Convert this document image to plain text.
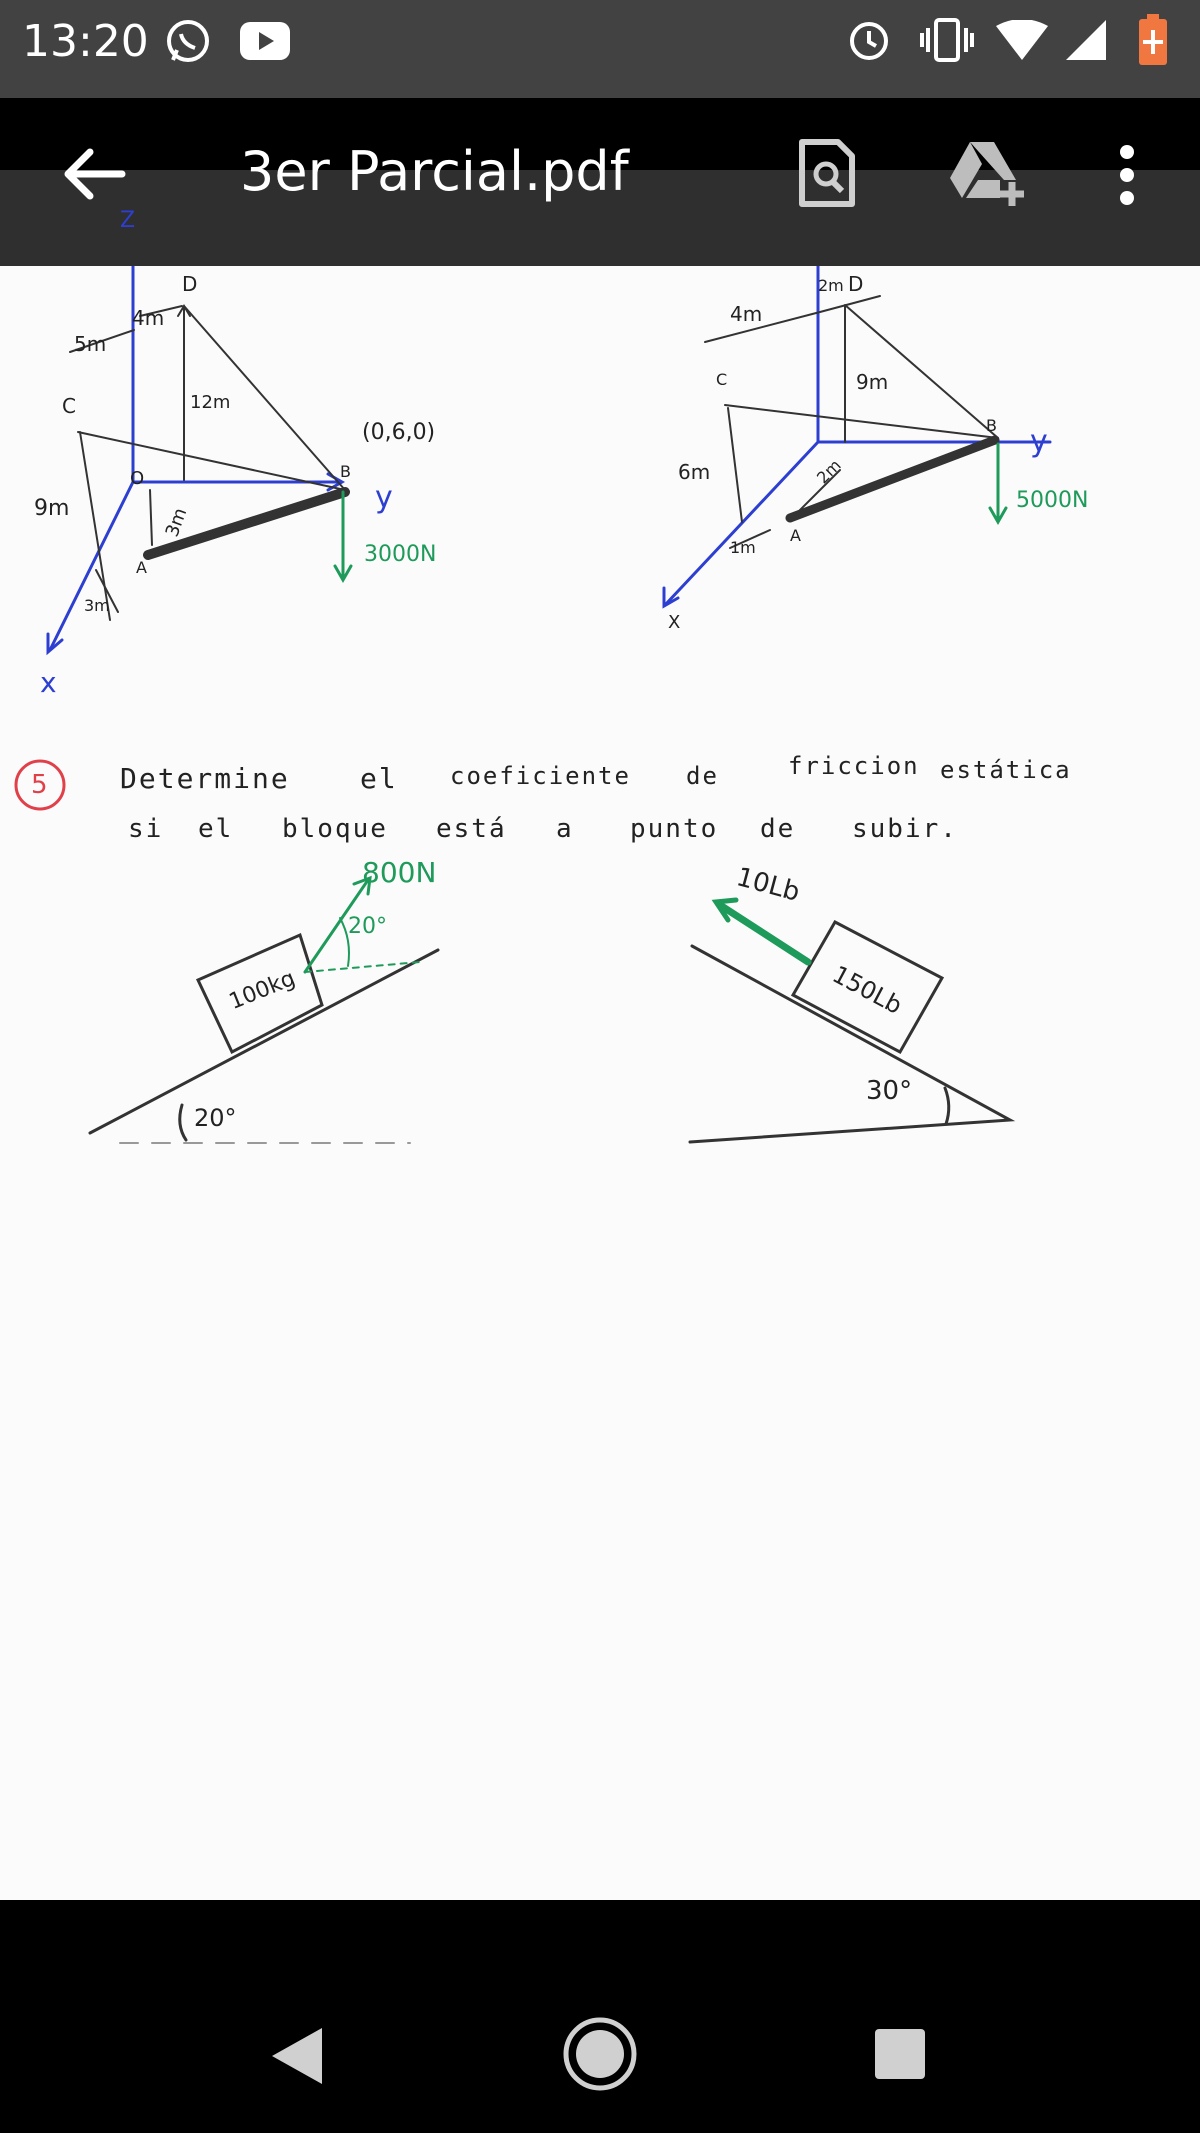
13:20
3er Parcial.pdf
Z
D
4m
5m
12m
C
O
9m	3m
A
3m
x
B
(0,6,0)
y
3000N
2m D
4m
C	9m
B y
6m	2m
5000N
A
1m
X
5	Determine	el coeficiente de	friccion estática
si el bloque está a punto de subir.
100kg
800N
20°
20°
10Lb
150Lb
30°
